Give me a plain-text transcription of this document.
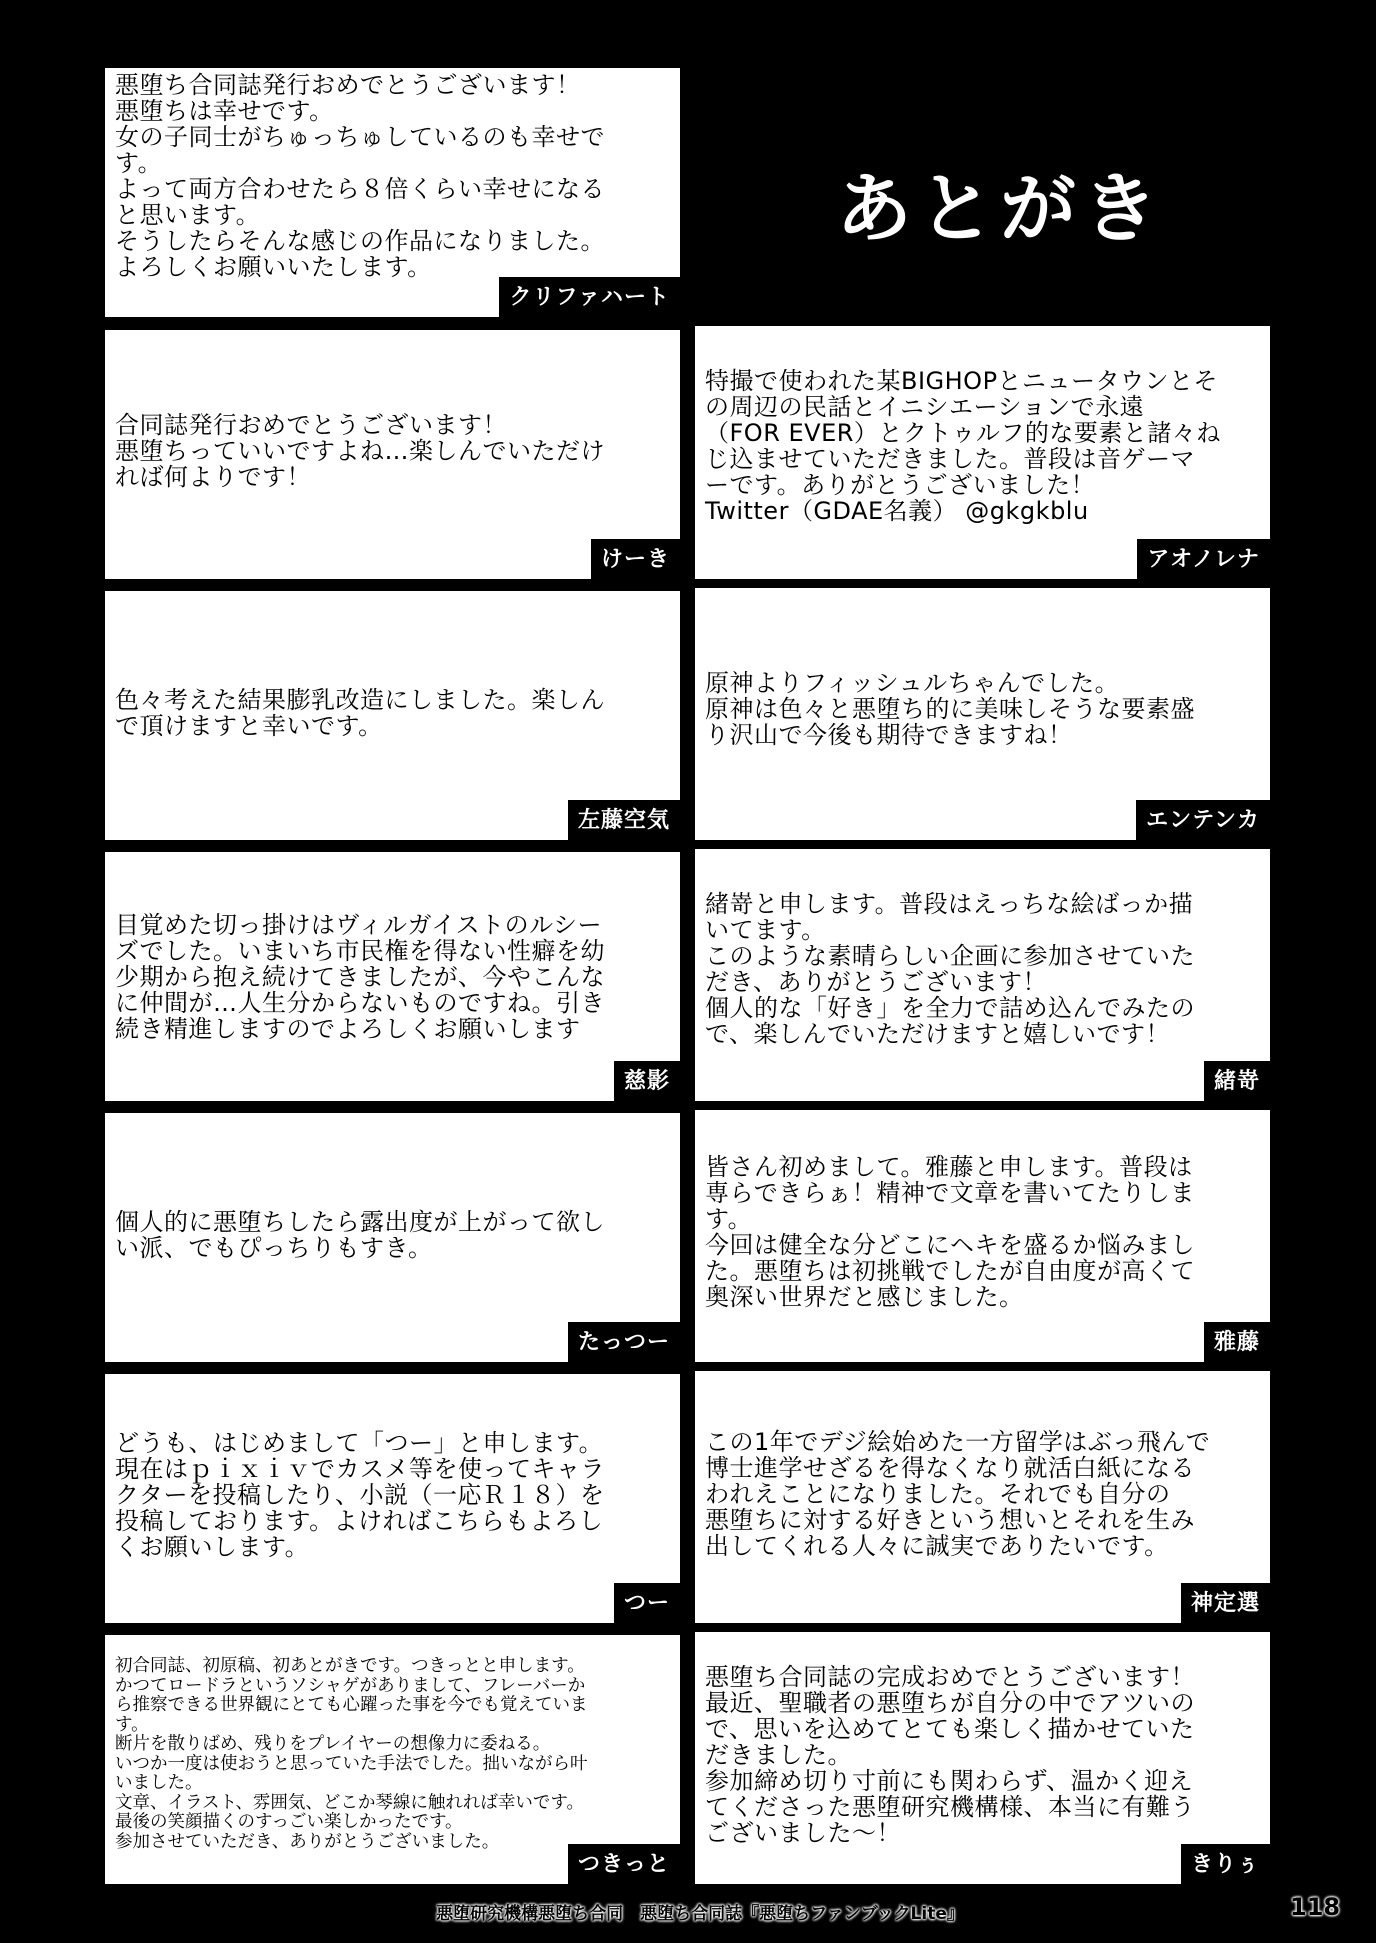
あとがき
悪堕ち合同誌発行おめでとうございます！
悪堕ちは幸せです。
女の子同士がちゅっちゅしているのも幸せで
す。
よって両方合わせたら８倍くらい幸せになる
と思います。
そうしたらそんな感じの作品になりました。
よろしくお願いいたします。
クリファハート
合同誌発行おめでとうございます！
悪堕ちっていいですよね…楽しんでいただけ
れば何よりです！
けーき
特撮で使われた某BIGHOPとニュータウンとそ
の周辺の民話とイニシエーションで永遠
（FOR EVER）とクトゥルフ的な要素と諸々ね
じ込ませていただきました。普段は音ゲーマ
ーです。ありがとうございました！
Twitter（GDAE名義） @gkgkblu
アオノレナ
色々考えた結果膨乳改造にしました。楽しん
で頂けますと幸いです。
左藤空気
原神よりフィッシュルちゃんでした。
原神は色々と悪堕ち的に美味しそうな要素盛
り沢山で今後も期待できますね！
エンテンカ
目覚めた切っ掛けはヴィルガイストのルシー
ズでした。いまいち市民権を得ない性癖を幼
少期から抱え続けてきましたが、今やこんな
に仲間が…人生分からないものですね。引き
続き精進しますのでよろしくお願いします
慈影
緒嵜と申します。普段はえっちな絵ばっか描
いてます。
このような素晴らしい企画に参加させていた
だき、ありがとうございます！
個人的な「好き」を全力で詰め込んでみたの
で、楽しんでいただけますと嬉しいです！
緒嵜
個人的に悪堕ちしたら露出度が上がって欲し
い派、でもぴっちりもすき。
たっつー
皆さん初めまして。雅藤と申します。普段は
専らできらぁ！精神で文章を書いてたりしま
す。
今回は健全な分どこにヘキを盛るか悩みまし
た。悪堕ちは初挑戦でしたが自由度が高くて
奥深い世界だと感じました。
雅藤
どうも、はじめまして「つー」と申します。
現在はｐｉｘｉｖでカスメ等を使ってキャラ
クターを投稿したり、小説（一応Ｒ１８）を
投稿しております。よければこちらもよろし
くお願いします。
つー
この1年でデジ絵始めた一方留学はぶっ飛んで
博士進学せざるを得なくなり就活白紙になる
われえことになりました。それでも自分の
悪堕ちに対する好きという想いとそれを生み
出してくれる人々に誠実でありたいです。
神定選
初合同誌、初原稿、初あとがきです。つきっとと申します。
かつてロードラというソシャゲがありまして、フレーバーか
ら推察できる世界観にとても心躍った事を今でも覚えていま
す。
断片を散りばめ、残りをプレイヤーの想像力に委ねる。
いつか一度は使おうと思っていた手法でした。拙いながら叶
いました。
文章、イラスト、雰囲気、どこか琴線に触れれば幸いです。
最後の笑顔描くのすっごい楽しかったです。
参加させていただき、ありがとうございました。
つきっと
悪堕ち合同誌の完成おめでとうございます！
最近、聖職者の悪堕ちが自分の中でアツいの
で、思いを込めてとても楽しく描かせていた
だきました。
参加締め切り寸前にも関わらず、温かく迎え
てくださった悪堕研究機構様、本当に有難う
ございました〜！
きりぅ
悪堕研究機構悪堕ち合同　悪堕ち合同誌『悪堕ちファンブックLite』	118
